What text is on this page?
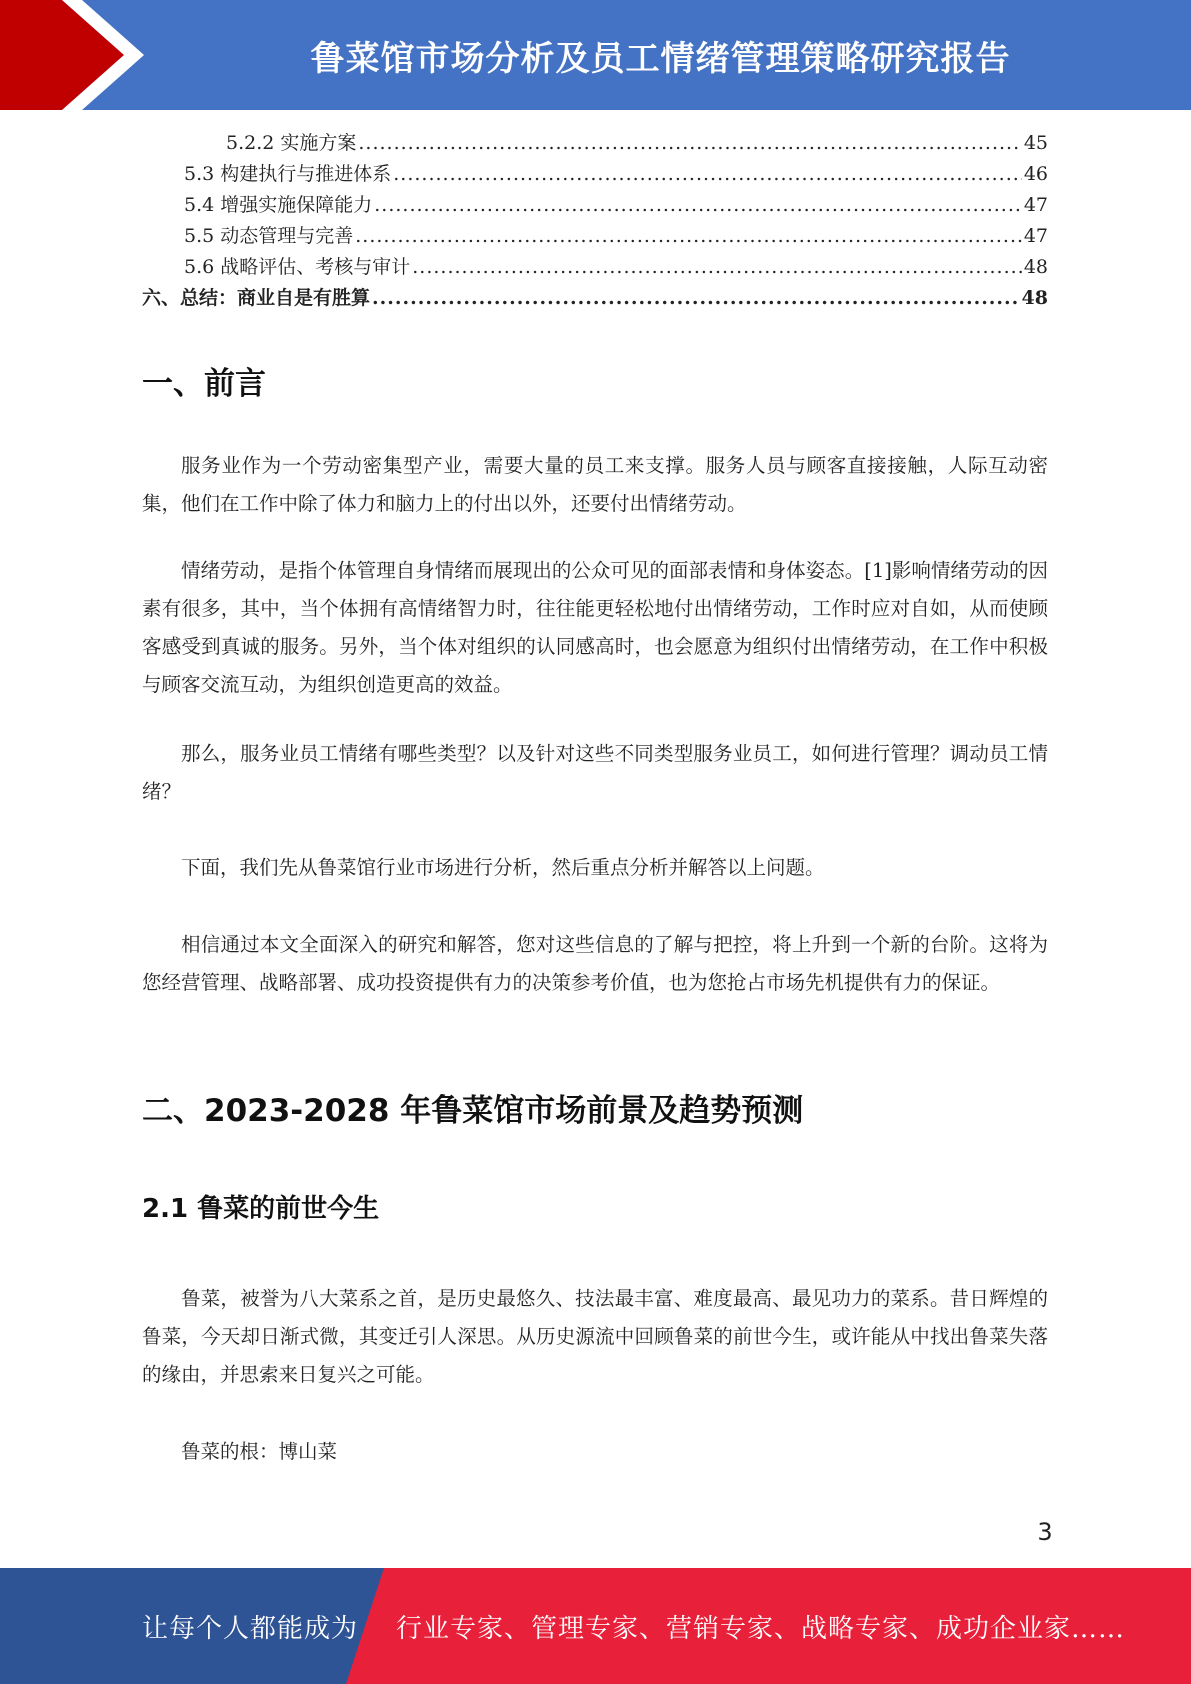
鲁菜馆市场分析及员工情绪管理策略研究报告
5.2.2 实施方案 .....	45
5.3 构建执行与推进体系 .....	46
5.4 增强实施保障能力 .....	47
5.5 动态管理与完善 .....	47
5.6 战略评估、考核与审计 .....	48
六、总结：商业自是有胜算 .....	48
一、前言

服务业作为一个劳动密集型产业，需要大量的员工来支撑。服务人员与顾客直接接触，人际互动密集，他们在工作中除了体力和脑力上的付出以外，还要付出情绪劳动。

情绪劳动，是指个体管理自身情绪而展现出的公众可见的面部表情和身体姿态。[1]影响情绪劳动的因素有很多，其中，当个体拥有高情绪智力时，往往能更轻松地付出情绪劳动，工作时应对自如，从而使顾客感受到真诚的服务。另外，当个体对组织的认同感高时，也会愿意为组织付出情绪劳动，在工作中积极与顾客交流互动，为组织创造更高的效益。

那么，服务业员工情绪有哪些类型？以及针对这些不同类型服务业员工，如何进行管理？调动员工情绪？

下面，我们先从鲁菜馆行业市场进行分析，然后重点分析并解答以上问题。

相信通过本文全面深入的研究和解答，您对这些信息的了解与把控，将上升到一个新的台阶。这将为您经营管理、战略部署、成功投资提供有力的决策参考价值，也为您抢占市场先机提供有力的保证。

二、2023-2028 年鲁菜馆市场前景及趋势预测
2.1 鲁菜的前世今生

鲁菜，被誉为八大菜系之首，是历史最悠久、技法最丰富、难度最高、最见功力的菜系。昔日辉煌的鲁菜，今天却日渐式微，其变迁引人深思。从历史源流中回顾鲁菜的前世今生，或许能从中找出鲁菜失落的缘由，并思索来日复兴之可能。

鲁菜的根：博山菜

3
让每个人都能成为 行业专家、管理专家、营销专家、战略专家、成功企业家……
